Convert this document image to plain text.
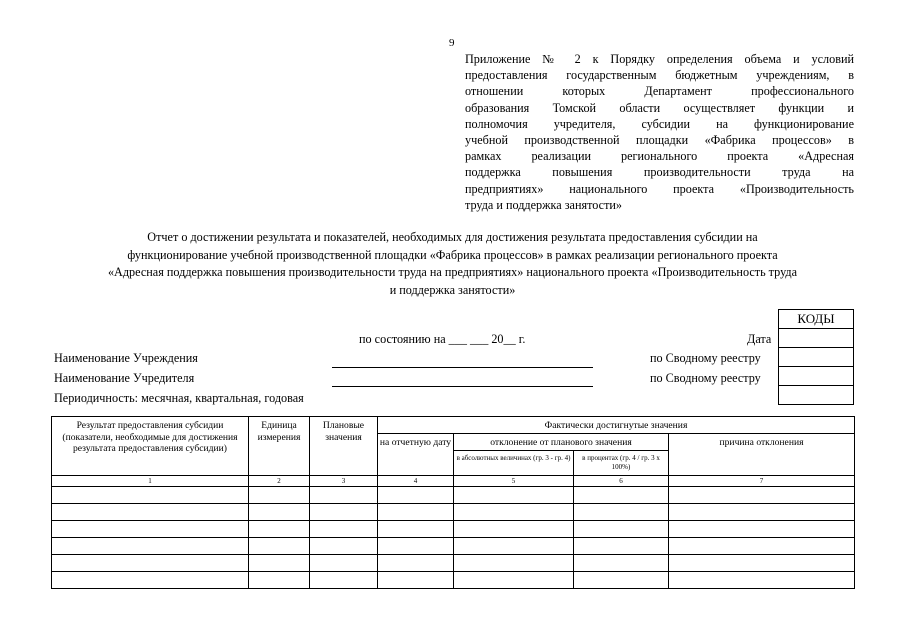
9
Приложение № 2 к Порядку определения объема и условий
предоставления государственным бюджетным учреждениям, в
отношении которых Департамент профессионального
образования Томской области осуществляет функции и
полномочия учредителя, субсидии на функционирование
учебной производственной площадки «Фабрика процессов» в
рамках реализации регионального проекта «Адресная
поддержка повышения производительности труда на
предприятиях» национального проекта «Производительность
труда и поддержка занятости»
Отчет о достижении результата и показателей, необходимых для достижения результата предоставления субсидии на
функционирование учебной производственной площадки «Фабрика процессов» в рамках реализации регионального проекта
«Адресная поддержка повышения производительности труда на предприятиях» национального проекта «Производительность труда
и поддержка занятости»
КОДЫ
по состоянию на ___ ___ 20__ г.	Дата
Наименование Учреждения	по Сводному реестру
Наименование Учредителя	по Сводному реестру
Периодичность: месячная, квартальная, годовая
Результат предоставления субсидии (показатели, необходимые для достижения результата предоставления субсидии)	Единица измерения	Плановые значения	Фактически достигнутые значения			
			на отчетную дату	отклонение от планового значения		причина отклонения
				в абсолютных величинах (гр. 3 - гр. 4)	в процентах (гр. 4 / гр. 3 x 100%)	
1	2	3	4	5	6	7
